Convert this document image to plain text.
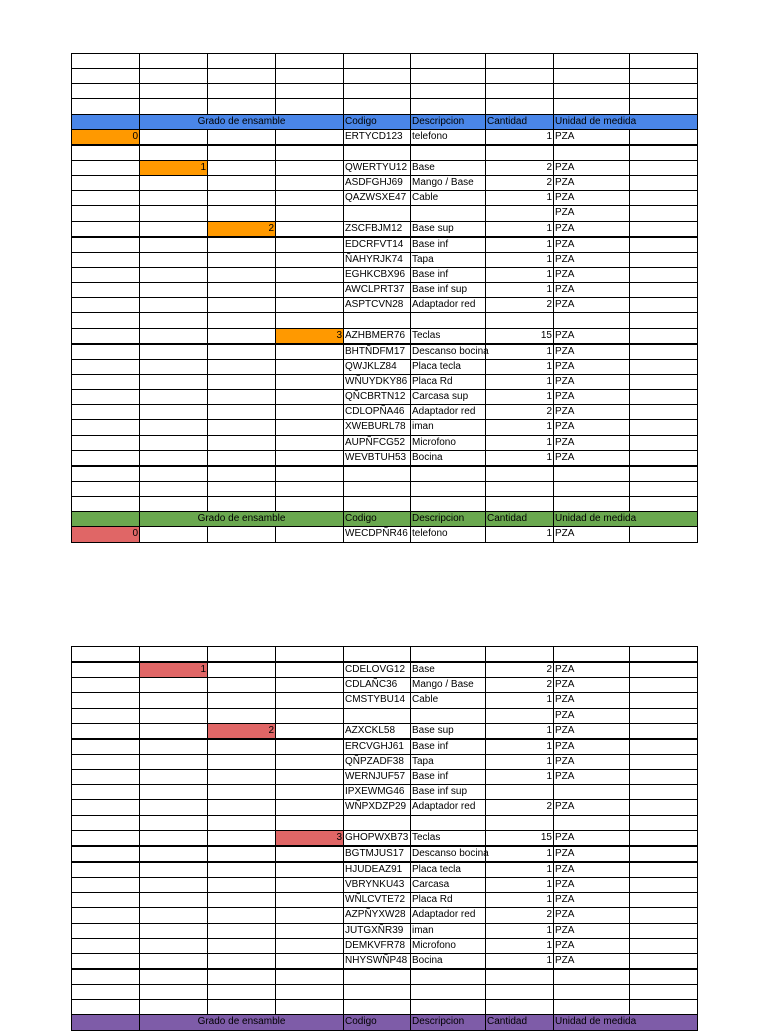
	Grado de ensamble			Codigo	Descripcion	Cantidad	Unidad de medida	
0				ERTYCD123	telefono	1	PZA	

	1			QWERTYU12	Base	2	PZA	
				ASDFGHJ69	Mango / Base	2	PZA	
				QAZWSXE47	Cable	1	PZA	
							PZA	
		2		ZSCFBJM12	Base sup	1	PZA	
				EDCRFVT14	Base inf	1	PZA	
				ÑAHYRJK74	Tapa	1	PZA	
				EGHKCBX96	Base inf	1	PZA	
				AWCLPRT37	Base inf sup	1	PZA	
				ASPTCVN28	Adaptador red	2	PZA	

			3	AZHBMER76	Teclas	15	PZA	
				BHTÑDFM17	Descanso bocina	1	PZA	
				QWJKLZ84	Placa tecla	1	PZA	
				WÑUYDKY86	Placa Rd	1	PZA	
				QÑCBRTN12	Carcasa sup	1	PZA	
				CDLOPÑA46	Adaptador red	2	PZA	
				XWEBURL78	iman	1	PZA	
				AUPÑFCG52	Microfono	1	PZA	
				WEVBTUH53	Bocina	1	PZA	

	Grado de ensamble			Codigo	Descripcion	Cantidad	Unidad de medida	
0				WECDPÑR46	telefono	1	PZA	

	1			CDELOVG12	Base	2	PZA	
				CDLAÑC36	Mango / Base	2	PZA	
				CMSTYBU14	Cable	1	PZA	
							PZA	
		2		AZXCKL58	Base sup	1	PZA	
				ERCVGHJ61	Base inf	1	PZA	
				QÑPZADF38	Tapa	1	PZA	
				WERNJUF57	Base inf	1	PZA	
				IPXEWMG46	Base inf sup			
				WÑPXDZP29	Adaptador red	2	PZA	

			3	GHOPWXB73	Teclas	15	PZA	
				BGTMJUS17	Descanso bocina	1	PZA	
				HJUDEAZ91	Placa tecla	1	PZA	
				VBRYNKU43	Carcasa	1	PZA	
				WÑLCVTE72	Placa Rd	1	PZA	
				AZPÑYXW28	Adaptador red	2	PZA	
				JUTGXÑR39	iman	1	PZA	
				DEMKVFR78	Microfono	1	PZA	
				NHYSWÑP48	Bocina	1	PZA	

	Grado de ensamble			Codigo	Descripcion	Cantidad	Unidad de medida	
